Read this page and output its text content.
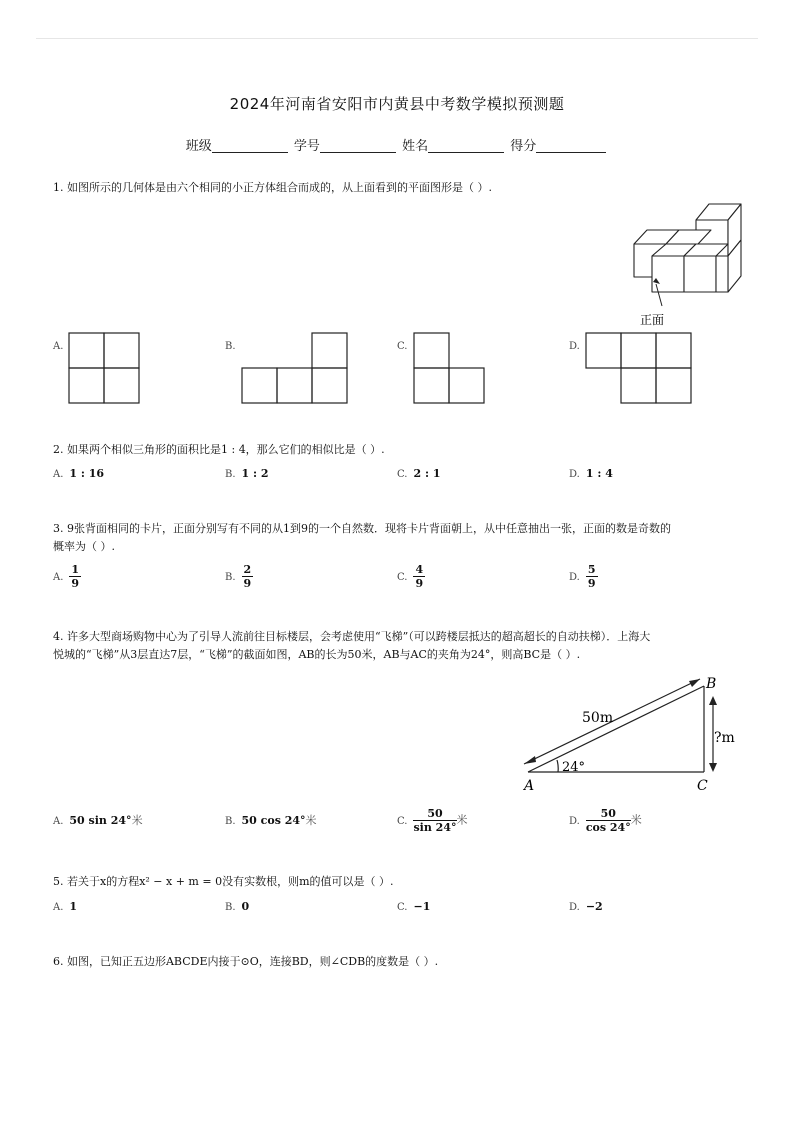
2024年河南省安阳市内黄县中考数学模拟预测题
班级	学号	姓名	得分
1. 如图所示的几何体是由六个相同的小正方体组合而成的，从上面看到的平面图形是（ ）.
正面
A.	B.	C.	D.
2. 如果两个相似三角形的面积比是1 : 4，那么它们的相似比是（ ）.
A. 1 : 16	B. 1 : 2	C. 2 : 1	D. 1 : 4
3. 9张背面相同的卡片，正面分别写有不同的从1到9的一个自然数．现将卡片背面朝上，从中任意抽出一张，正面的数是奇数的
概率为（ ）.
A. $\frac{1}{9}$	B. $\frac{2}{9}$	C. $\frac{4}{9}$	D. $\frac{5}{9}$
4. 许多大型商场购物中心为了引导人流前往目标楼层，会考虑使用“飞梯”（可以跨楼层抵达的超高超长的自动扶梯）．上海大
悦城的“飞梯”从3层直达7层，“飞梯”的截面如图，AB的长为50米，AB与AC的夹角为24°，则高BC是（ ）.
50m
?m
24°
A
B
C
A. 50 sin 24°米	B. 50 cos 24°米	C. $\frac{50}{\sin 24^\circ}$ 米	D. $\frac{50}{\cos 24^\circ}$ 米
5. 若关于x的方程x² − x + m = 0没有实数根，则m的值可以是（ ）.
A. 1	B. 0	C. −1	D. −2
6. 如图，已知正五边形ABCDE内接于⊙O，连接BD，则∠CDB的度数是（ ）.
